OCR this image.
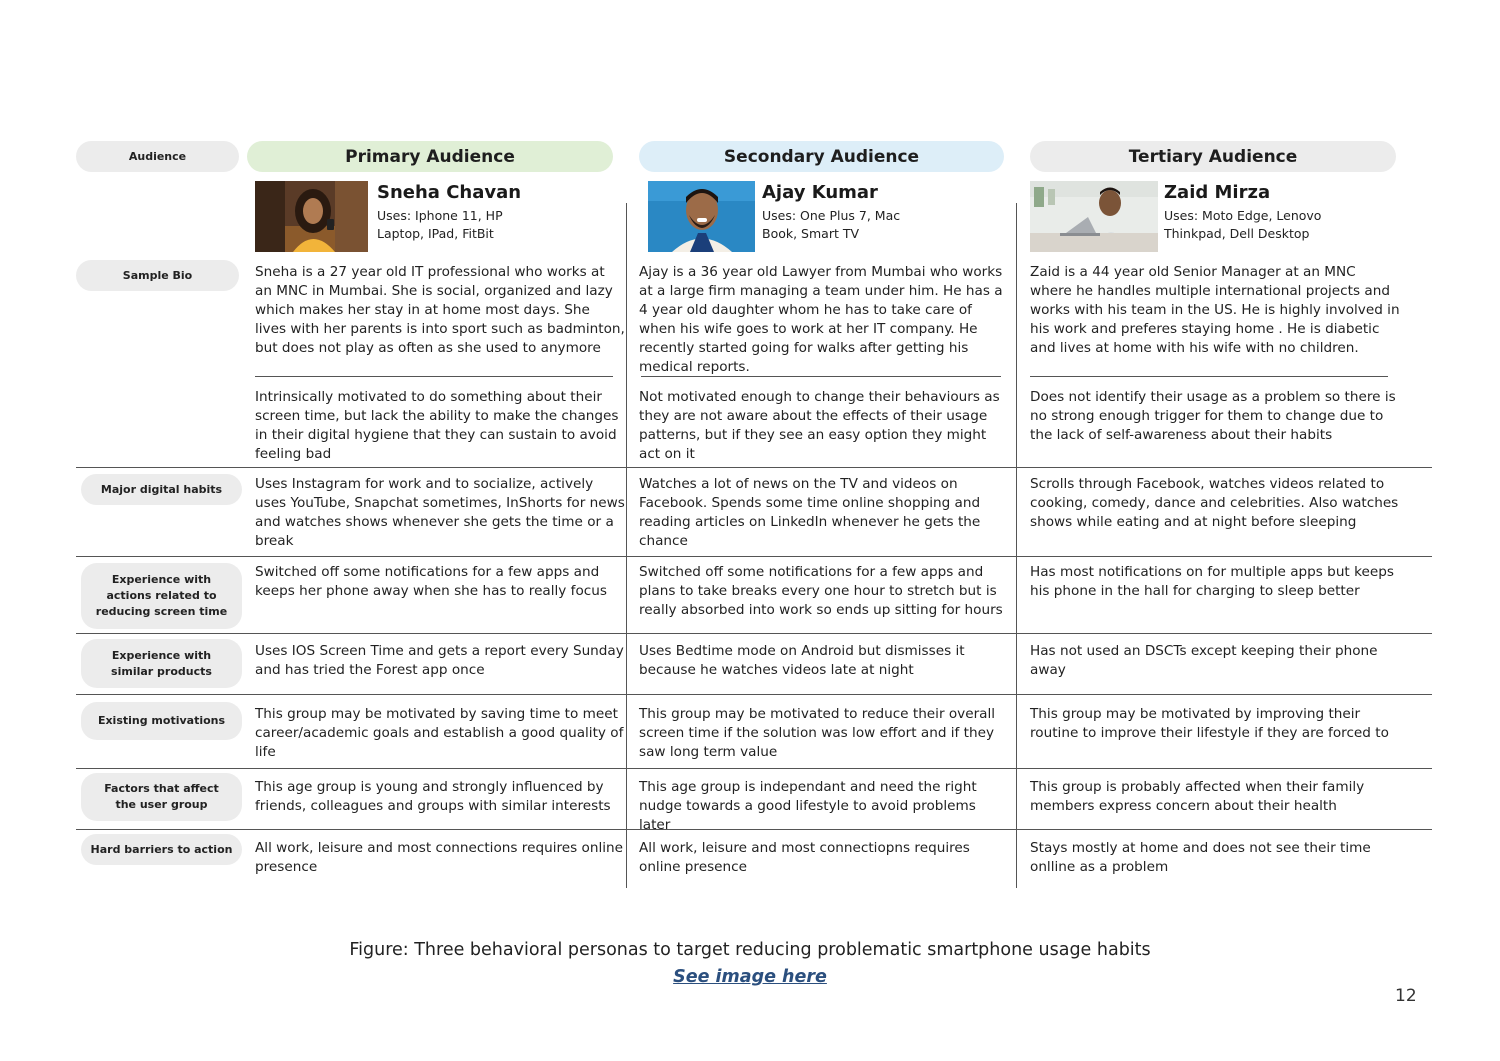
Audience
Sample Bio
Major digital habits
Experience with actions related to reducing screen time
Experience with similar products
Existing motivations
Factors that affect the user group
Hard barriers to action
Primary Audience	Secondary Audience	Tertiary Audience
Sneha Chavan
Uses: Iphone 11, HP Laptop, IPad, FitBit
Ajay Kumar
Uses: One Plus 7, Mac Book, Smart TV
Zaid Mirza
Uses: Moto Edge, Lenovo Thinkpad, Dell Desktop
Sneha is a 27 year old IT professional who works at an MNC in Mumbai. She is social, organized and lazy which makes her stay in at home most days. She lives with her parents is into sport such as badminton, but does not play as often as she used to anymore
Ajay is a 36 year old Lawyer from Mumbai who works at a large firm managing a team under him. He has a 4 year old daughter whom he has to take care of when his wife goes to work at her IT company. He recently started going for walks after getting his medical reports.
Zaid is a 44 year old Senior Manager at an MNC where he handles multiple international projects and works with his team in the US. He is highly involved in his work and preferes staying home . He is diabetic and lives at home with his wife with no children.
Intrinsically motivated to do something about their screen time, but lack the ability to make the changes in their digital hygiene that they can sustain to avoid feeling bad
Not motivated enough to change their behaviours as they are not aware about the effects of their usage patterns, but if they see an easy option they might act on it
Does not identify their usage as a problem so there is no strong enough trigger for them to change due to the lack of self-awareness about their habits
Uses Instagram for work and to socialize, actively uses YouTube, Snapchat sometimes, InShorts for news and watches shows whenever she gets the time or a break
Watches a lot of news on the TV and videos on Facebook. Spends some time online shopping and reading articles on LinkedIn whenever he gets the chance
Scrolls through Facebook, watches videos related to cooking, comedy, dance and celebrities. Also watches shows while eating and at night before sleeping
Switched off some notifications for a few apps and keeps her phone away when she has to really focus
Switched off some notifications for a few apps and plans to take breaks every one hour to stretch but is really absorbed into work so ends up sitting for hours
Has most notifications on for multiple apps but keeps his phone in the hall for charging to sleep better
Uses IOS Screen Time and gets a report every Sunday and has tried the Forest app once
Uses Bedtime mode on Android but dismisses it because he watches videos late at night
Has not used an DSCTs except keeping their phone away
This group may be motivated by saving time to meet career/academic goals and establish a good quality of life
This group may be motivated to reduce their overall screen time if the solution was low effort and if they saw long term value
This group may be motivated by improving their routine to improve their lifestyle if they are forced to
This age group is young and strongly influenced by friends, colleagues and groups with similar interests
This age group is independant and need the right nudge towards a good lifestyle to avoid problems later
This group is probably affected when their family members express concern about their health
All work, leisure and most connections requires online presence
All work, leisure and most connectiopns requires online presence
Stays mostly at home and does not see their time onlline as a problem
Figure: Three behavioral personas to target reducing problematic smartphone usage habits
See image here
12
